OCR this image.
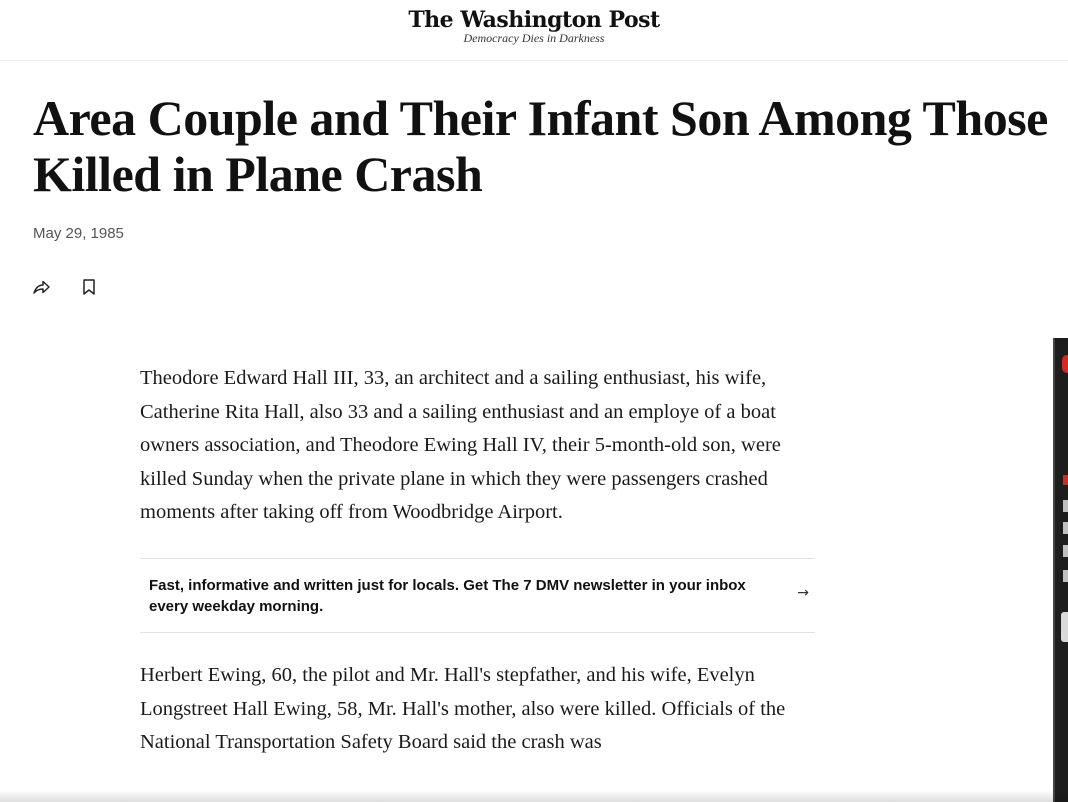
The Washington Post
Democracy Dies in Darkness
Area Couple and Their Infant Son Among Those Killed in Plane Crash
May 29, 1985

Theodore Edward Hall III, 33, an architect and a sailing enthusiast, his wife, Catherine Rita Hall, also 33 and a sailing enthusiast and an employe of a boat owners association, and Theodore Ewing Hall IV, their 5-month-old son, were killed Sunday when the private plane in which they were passengers crashed moments after taking off from Woodbridge Airport.

Fast, informative and written just for locals. Get The 7 DMV newsletter in your inbox every weekday morning.
→

Herbert Ewing, 60, the pilot and Mr. Hall's stepfather, and his wife, Evelyn Longstreet Hall Ewing, 58, Mr. Hall's mother, also were killed. Officials of the National Transportation Safety Board said the crash was
